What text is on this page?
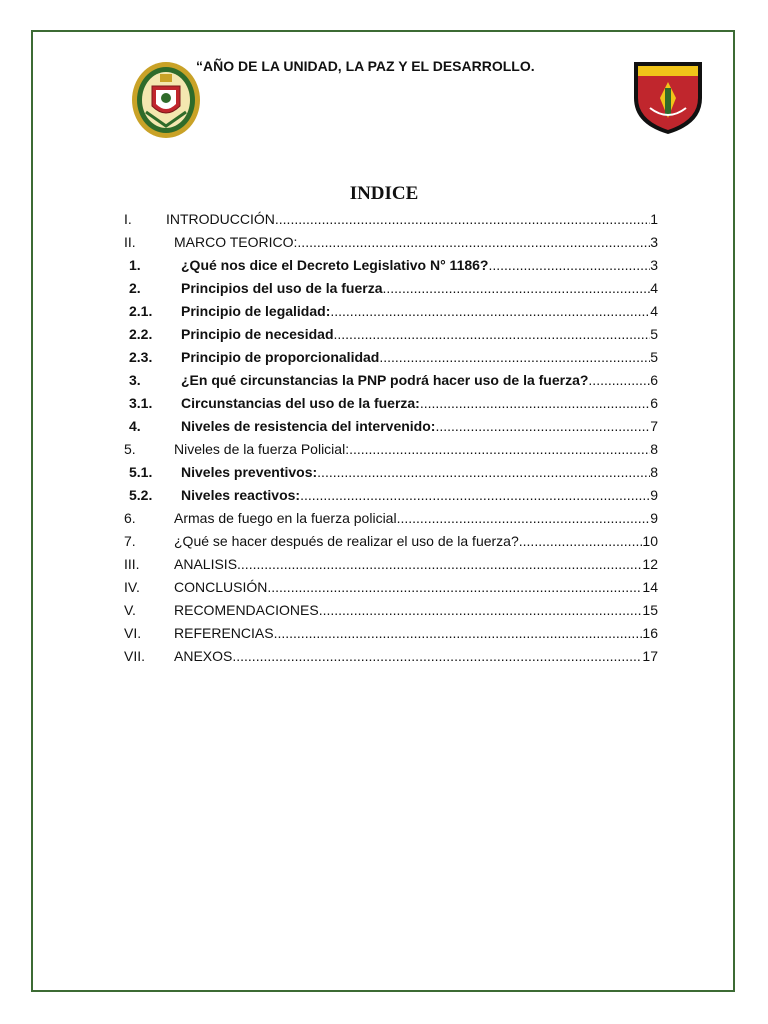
“AÑO DE LA UNIDAD, LA PAZ Y EL DESARROLLO.
INDICE
I.	INTRODUCCIÓN .....	1
II.	MARCO TEORICO: .....	3
1.	¿Qué nos dice el Decreto Legislativo N° 1186? .....	3
2.	Principios del uso de la fuerza .....	4
2.1.	Principio de legalidad: .....	4
2.2.	Principio de necesidad .....	5
2.3.	Principio de proporcionalidad .....	5
3.	¿En qué circunstancias la PNP podrá hacer uso de la fuerza? .....	6
3.1.	Circunstancias del uso de la fuerza: .....	6
4.	Niveles de resistencia del intervenido: .....	7
5.	Niveles de la fuerza Policial: .....	8
5.1.	Niveles preventivos: .....	8
5.2.	Niveles reactivos: .....	9
6.	Armas de fuego en la fuerza policial .....	9
7.	¿Qué se hacer después de realizar el uso de la fuerza? .....	10
III.	ANALISIS .....	12
IV.	CONCLUSIÓN .....	14
V.	RECOMENDACIONES .....	15
VI.	REFERENCIAS .....	16
VII.	ANEXOS .....	17
